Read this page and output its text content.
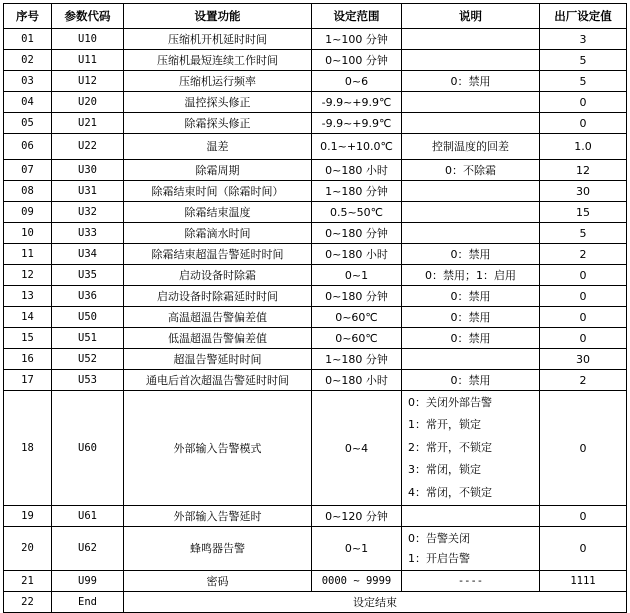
序号	参数代码	设置功能	设定范围	说明	出厂设定值
01	U10	压缩机开机延时时间	1~100 分钟		3
02	U11	压缩机最短连续工作时间	0~100 分钟		5
03	U12	压缩机运行频率	0~6	0：禁用	5
04	U20	温控探头修正	-9.9~+9.9℃		0
05	U21	除霜探头修正	-9.9~+9.9℃		0
06	U22	温差	0.1~+10.0℃	控制温度的回差	1.0
07	U30	除霜周期	0~180 小时	0：不除霜	12
08	U31	除霜结束时间（除霜时间）	1~180 分钟		30
09	U32	除霜结束温度	0.5~50℃		15
10	U33	除霜滴水时间	0~180 分钟		5
11	U34	除霜结束超温告警延时时间	0~180 小时	0：禁用	2
12	U35	启动设备时除霜	0~1	0：禁用；1：启用	0
13	U36	启动设备时除霜延时时间	0~180 分钟	0：禁用	0
14	U50	高温超温告警偏差值	0~60℃	0：禁用	0
15	U51	低温超温告警偏差值	0~60℃	0：禁用	0
16	U52	超温告警延时时间	1~180 分钟		30
17	U53	通电后首次超温告警延时时间	0~180 小时	0：禁用	2
18	U60	外部输入告警模式	0~4	0：关闭外部告警
1：常开，锁定
2：常开，不锁定
3：常闭，锁定
4：常闭，不锁定	0
19	U61	外部输入告警延时	0~120 分钟		0
20	U62	蜂鸣器告警	0~1	0：告警关闭
1：开启告警	0
21	U99	密码	0000 ~ 9999	----	1111
22	End	设定结束			
